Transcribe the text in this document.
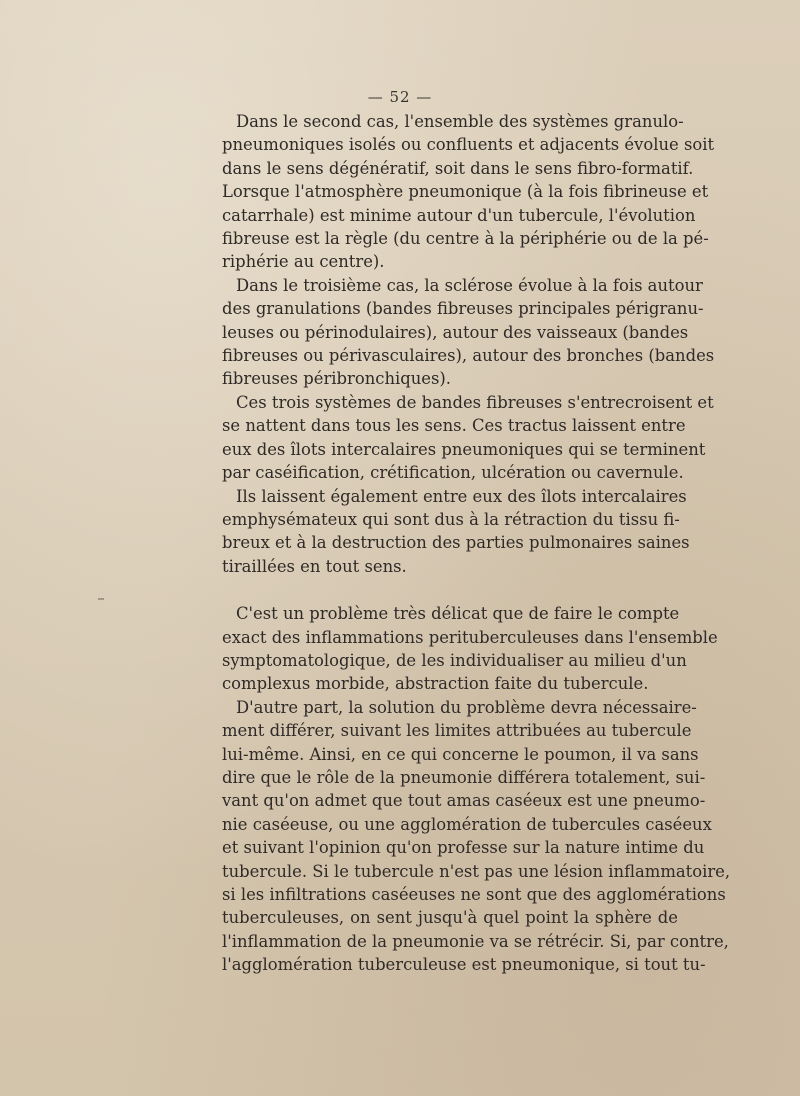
— 52 —

Dans le second cas, l'ensemble des systèmes granulo-
pneumoniques isolés ou confluents et adjacents évolue soit
dans le sens dégénératif, soit dans le sens fibro-formatif.
Lorsque l'atmosphère pneumonique (à la fois fibrineuse et
catarrhale) est minime autour d'un tubercule, l'évolution
fibreuse est la règle (du centre à la périphérie ou de la pé-
riphérie au centre).

Dans le troisième cas, la sclérose évolue à la fois autour
des granulations (bandes fibreuses principales périgranu-
leuses ou périnodulaires), autour des vaisseaux (bandes
fibreuses ou périvasculaires), autour des bronches (bandes
fibreuses péribronchiques).

Ces trois systèmes de bandes fibreuses s'entrecroisent et
se nattent dans tous les sens. Ces tractus laissent entre
eux des îlots intercalaires pneumoniques qui se terminent
par caséification, crétification, ulcération ou cavernule.

Ils laissent également entre eux des îlots intercalaires
emphysémateux qui sont dus à la rétraction du tissu fi-
breux et à la destruction des parties pulmonaires saines
tiraillées en tout sens.

C'est un problème très délicat que de faire le compte
exact des inflammations perituberculeuses dans l'ensemble
symptomatologique, de les individualiser au milieu d'un
complexus morbide, abstraction faite du tubercule.

D'autre part, la solution du problème devra nécessaire-
ment différer, suivant les limites attribuées au tubercule
lui-même. Ainsi, en ce qui concerne le poumon, il va sans
dire que le rôle de la pneumonie différera totalement, sui-
vant qu'on admet que tout amas caséeux est une pneumo-
nie caséeuse, ou une agglomération de tubercules caséeux
et suivant l'opinion qu'on professe sur la nature intime du
tubercule. Si le tubercule n'est pas une lésion inflammatoire,
si les infiltrations caséeuses ne sont que des agglomérations
tuberculeuses, on sent jusqu'à quel point la sphère de
l'inflammation de la pneumonie va se rétrécir. Si, par contre,
l'agglomération tuberculeuse est pneumonique, si tout tu-
